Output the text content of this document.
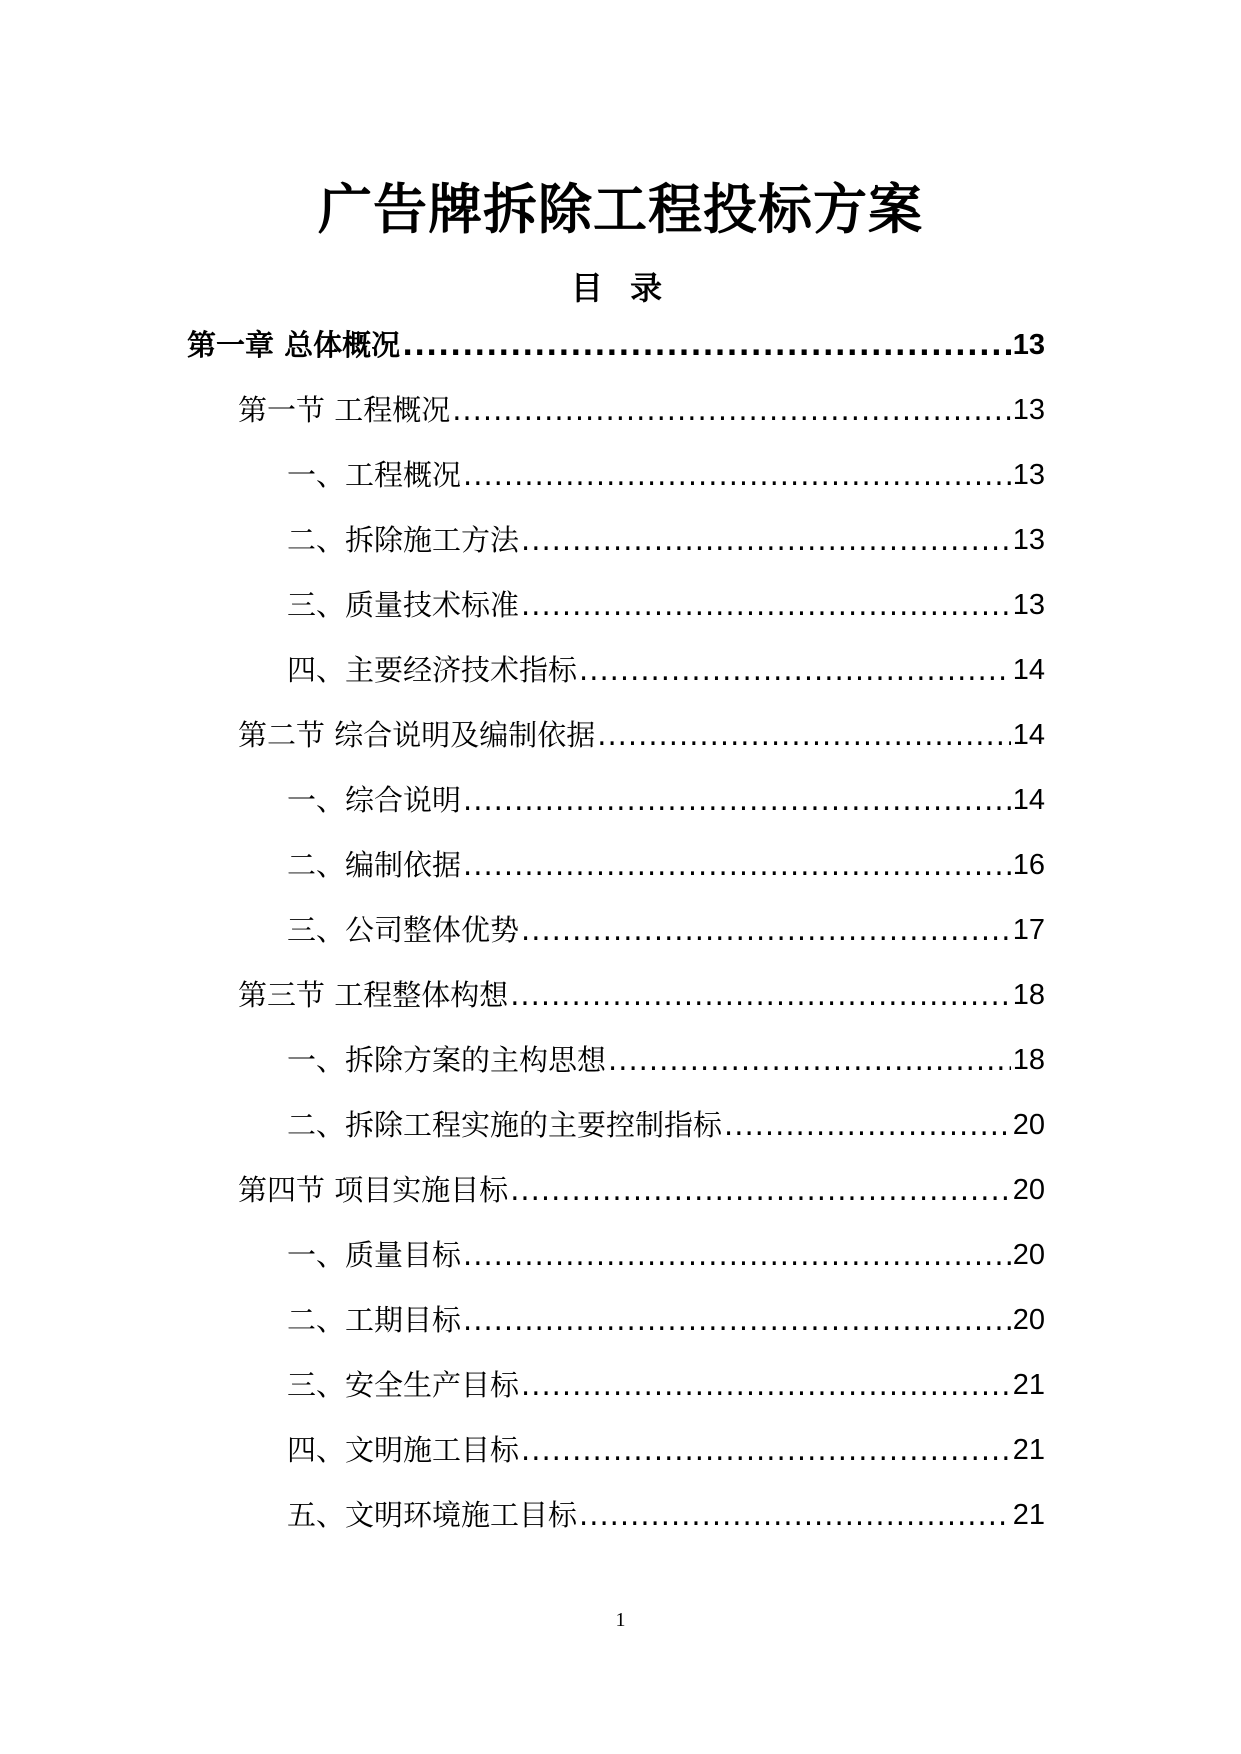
广告牌拆除工程投标方案
目 录
第一章 总体概况 .....	13
第一节 工程概况 .....	13
一、工程概况 .....	13
二、拆除施工方法 .....	13
三、质量技术标准 .....	13
四、主要经济技术指标 .....	14
第二节 综合说明及编制依据 .....	14
一、综合说明 .....	14
二、编制依据 .....	16
三、公司整体优势 .....	17
第三节 工程整体构想 .....	18
一、拆除方案的主构思想 .....	18
二、拆除工程实施的主要控制指标 .....	20
第四节 项目实施目标 .....	20
一、质量目标 .....	20
二、工期目标 .....	20
三、安全生产目标 .....	21
四、文明施工目标 .....	21
五、文明环境施工目标 .....	21
1
